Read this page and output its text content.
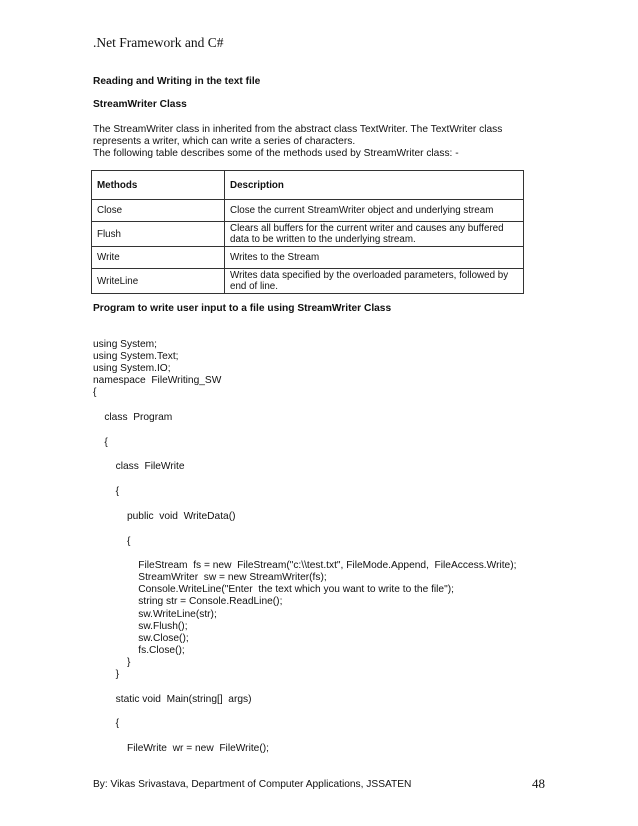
.Net Framework and C#
Reading and Writing in the text file
StreamWriter Class
The StreamWriter class in inherited from the abstract class TextWriter. The TextWriter class
represents a writer, which can write a series of characters.
The following table describes some of the methods used by StreamWriter class: -
Methods	Description
Close	Close the current StreamWriter object and underlying stream

Flush	Clears all buffers for the current writer and causes any buffered
data to be written to the underlying stream.

Write	Writes to the Stream

WriteLine	Writes data specified by the overloaded parameters, followed by
end of line.
Program to write user input to a file using StreamWriter Class
using System;
using System.Text;
using System.IO;
namespace  FileWriting_SW
{
class  Program
{
class  FileWrite
{
public  void  WriteData()
{
FileStream  fs = new  FileStream("c:\\test.txt", FileMode.Append,  FileAccess.Write);
StreamWriter  sw = new StreamWriter(fs);
Console.WriteLine("Enter  the text which you want to write to the file");
string str = Console.ReadLine();
sw.WriteLine(str);
sw.Flush();
sw.Close();
fs.Close();
}
}
static void  Main(string[]  args)
{
FileWrite  wr = new  FileWrite();
By: Vikas Srivastava, Department of Computer Applications, JSSATEN	48
